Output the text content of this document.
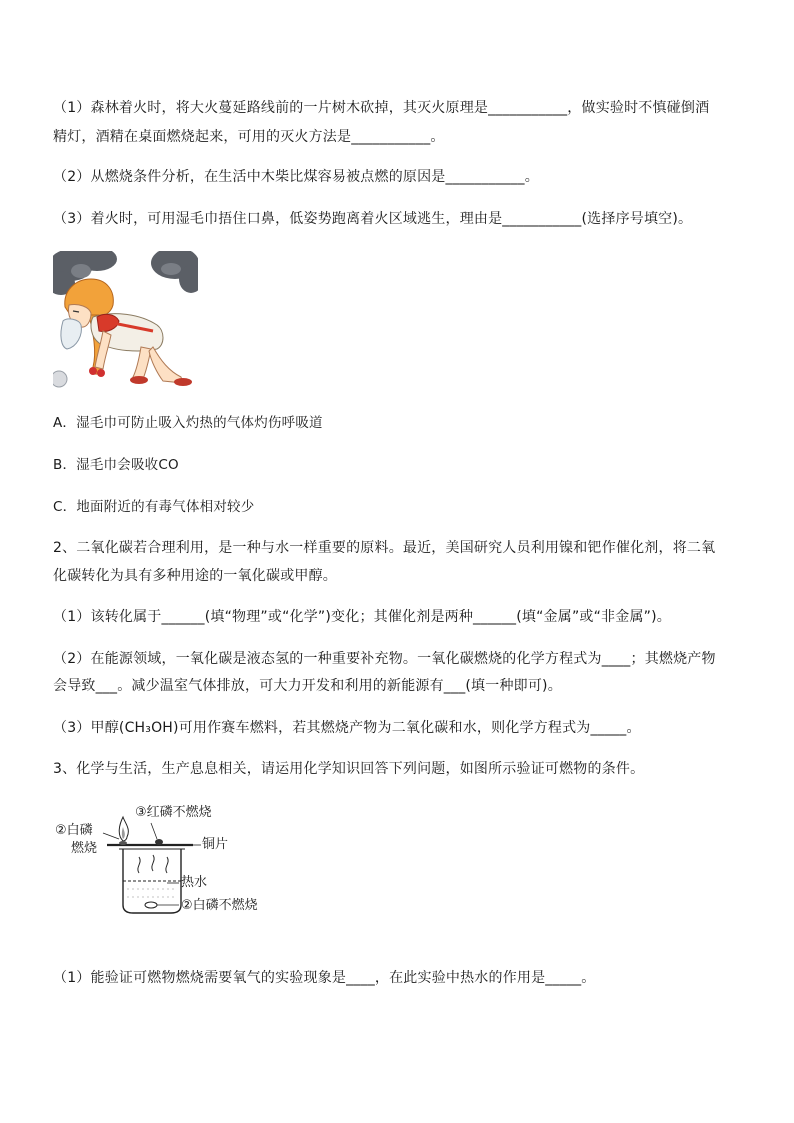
（1）森林着火时，将大火蔓延路线前的一片树木砍掉，其灭火原理是___________，做实验时不慎碰倒酒
精灯，酒精在桌面燃烧起来，可用的灭火方法是___________。
（2）从燃烧条件分析，在生活中木柴比煤容易被点燃的原因是___________。
（3）着火时，可用湿毛巾捂住口鼻，低姿势跑离着火区域逃生，理由是___________(选择序号填空)。
A．湿毛巾可防止吸入灼热的气体灼伤呼吸道
B．湿毛巾会吸收CO
C．地面附近的有毒气体相对较少
2、二氧化碳若合理利用，是一种与水一样重要的原料。最近，美国研究人员利用镍和钯作催化剂，将二氧
化碳转化为具有多种用途的一氧化碳或甲醇。
（1）该转化属于______(填“物理”或“化学”)变化；其催化剂是两种______(填“金属”或“非金属”)。
（2）在能源领域，一氧化碳是液态氢的一种重要补充物。一氧化碳燃烧的化学方程式为____；其燃烧产物
会导致___。减少温室气体排放，可大力开发和利用的新能源有___(填一种即可)。
（3）甲醇(CH₃OH)可用作赛车燃料，若其燃烧产物为二氧化碳和水，则化学方程式为_____。
3、化学与生活，生产息息相关，请运用化学知识回答下列问题，如图所示验证可燃物的条件。
③红磷不燃烧
②白磷
燃烧	铜片
热水
②白磷不燃烧
（1）能验证可燃物燃烧需要氧气的实验现象是____，在此实验中热水的作用是_____。
